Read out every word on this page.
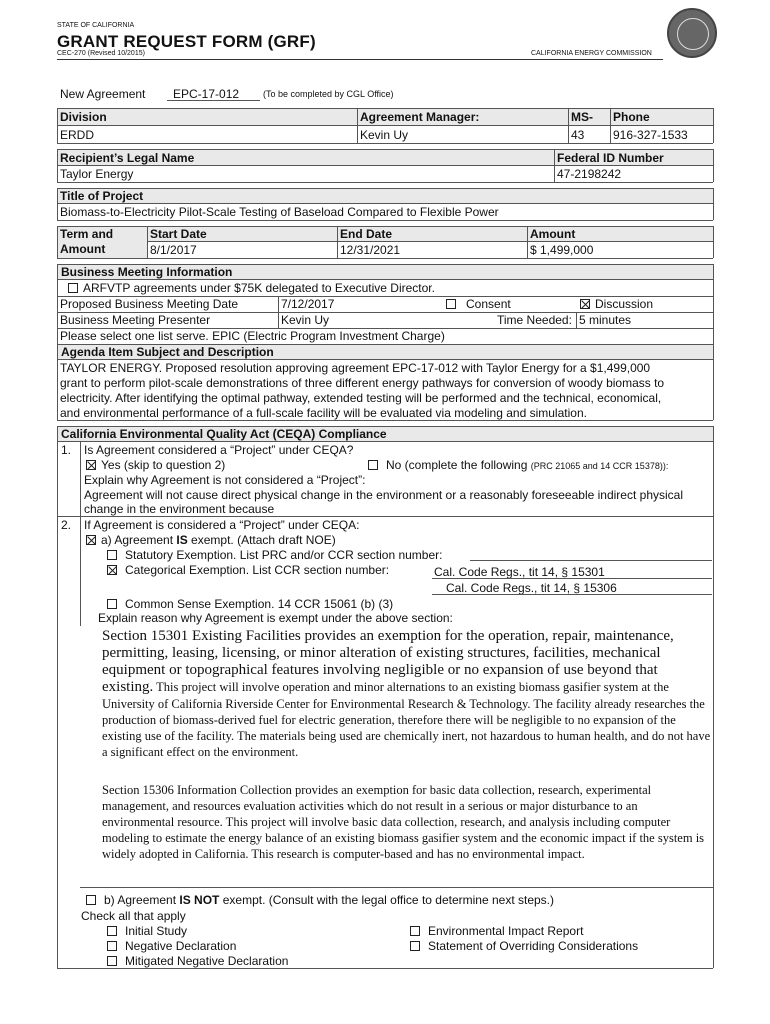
STATE OF CALIFORNIA
GRANT REQUEST FORM (GRF)
CEC-270 (Revised 10/2015)	CALIFORNIA ENERGY COMMISSION
New Agreement EPC-17-012	(To be completed by CGL Office)
Division	Agreement Manager:	MS- Phone
ERDD	Kevin Uy	43 916-327-1533
Recipient’s Legal Name	Federal ID Number
Taylor Energy	47-2198242
Title of Project
Biomass-to-Electricity Pilot-Scale Testing of Baseload Compared to Flexible Power
Term and
Amount
Start Date	End Date	Amount
8/1/2017	12/31/2021	$ 1,499,000
Business Meeting Information
ARFVTP agreements under $75K delegated to Executive Director.
Proposed Business Meeting Date	7/12/2017	Consent	Discussion
Business Meeting Presenter	Kevin Uy	Time Needed: 5 minutes
Please select one list serve. EPIC (Electric Program Investment Charge)
Agenda Item Subject and Description
TAYLOR ENERGY. Proposed resolution approving agreement EPC-17-012 with Taylor Energy for a $1,499,000
grant to perform pilot-scale demonstrations of three different energy pathways for conversion of woody biomass to
electricity. After identifying the optimal pathway, extended testing will be performed and the technical, economical,
and environmental performance of a full-scale facility will be evaluated via modeling and simulation.
California Environmental Quality Act (CEQA) Compliance
1. Is Agreement considered a “Project” under CEQA?
Yes (skip to question 2)	No (complete the following (PRC 21065 and 14 CCR 15378)):
Explain why Agreement is not considered a “Project”:
Agreement will not cause direct physical change in the environment or a reasonably foreseeable indirect physical
change in the environment because
2. If Agreement is considered a “Project” under CEQA:
a) Agreement IS exempt. (Attach draft NOE)
Statutory Exemption. List PRC and/or CCR section number:
Categorical Exemption. List CCR section number:	Cal. Code Regs., tit 14, § 15301
Cal. Code Regs., tit 14, § 15306
Common Sense Exemption. 14 CCR 15061 (b) (3)
Explain reason why Agreement is exempt under the above section:
Section 15301 Existing Facilities provides an exemption for the operation, repair, maintenance, permitting, leasing, licensing, or minor alteration of existing structures, facilities, mechanical equipment or topographical features involving negligible or no expansion of use beyond that existing. This project will involve operation and minor alternations to an existing biomass gasifier system at the University of California Riverside Center for Environmental Research & Technology. The facility already researches the production of biomass-derived fuel for electric generation, therefore there will be negligible to no expansion of the existing use of the facility. The materials being used are chemically inert, not hazardous to human health, and do not have a significant effect on the environment.
Section 15306 Information Collection provides an exemption for basic data collection, research, experimental management, and resources evaluation activities which do not result in a serious or major disturbance to an environmental resource. This project will involve basic data collection, research, and analysis including computer modeling to estimate the energy balance of an existing biomass gasifier system and the economic impact if the system is widely adopted in California. This research is computer-based and has no environmental impact.
b) Agreement IS NOT exempt. (Consult with the legal office to determine next steps.)
Check all that apply
Initial Study
Negative Declaration
Mitigated Negative Declaration
Environmental Impact Report
Statement of Overriding Considerations
